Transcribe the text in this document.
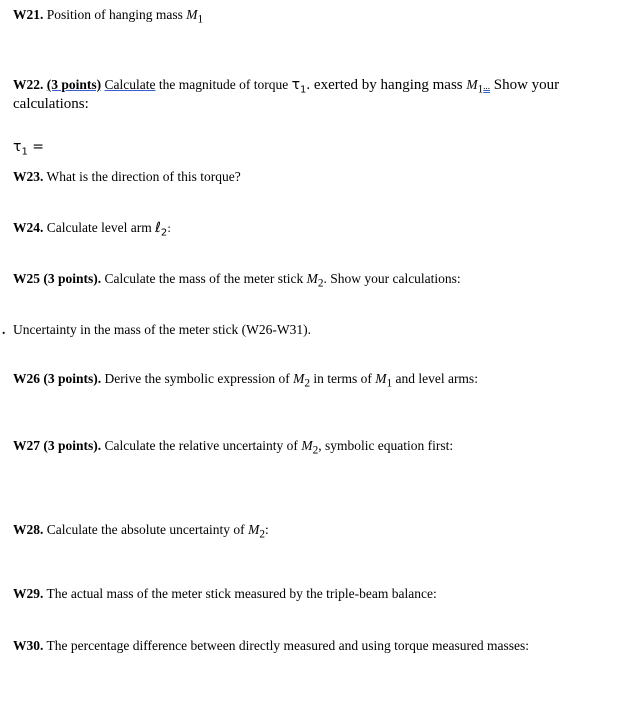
W21. Position of hanging mass $M_1$
W22. (3 points) Calculate the magnitude of torque $\tau_1$. exerted by hanging mass $M_1$... Show your
calculations:
$\tau_1$ =
W23. What is the direction of this torque?
W24. Calculate level arm ℓ$_2$:
W25 (3 points). Calculate the mass of the meter stick $M_2$. Show your calculations:
. Uncertainty in the mass of the meter stick (W26-W31).
W26 (3 points). Derive the symbolic expression of $M_2$ in terms of $M_1$ and level arms:
W27 (3 points). Calculate the relative uncertainty of $M_2$, symbolic equation first:
W28. Calculate the absolute uncertainty of $M_2$:
W29. The actual mass of the meter stick measured by the triple-beam balance:
W30. The percentage difference between directly measured and using torque measured masses:
